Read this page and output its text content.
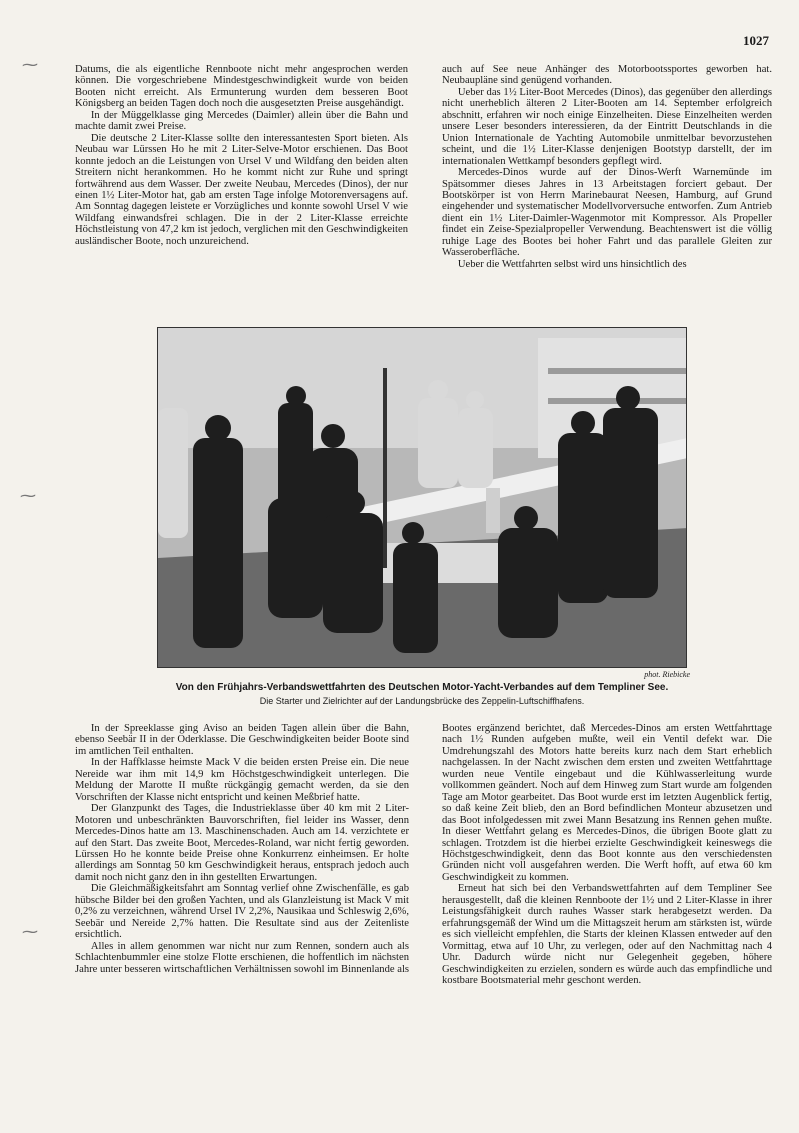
1027
⁓
⁓
⁓

Datums, die als eigentliche Rennboote nicht mehr angesprochen werden können. Die vorgeschriebene Mindestgeschwindigkeit wurde von beiden Booten nicht erreicht. Als Ermunterung wurden dem besseren Boot Königsberg an beiden Tagen doch noch die ausgesetzten Preise ausgehändigt.

In der Müggelklasse ging Mercedes (Daimler) allein über die Bahn und machte damit zwei Preise.

Die deutsche 2 Liter-Klasse sollte den interessantesten Sport bieten. Als Neubau war Lürssen Ho he mit 2 Liter-Selve-Motor erschienen. Das Boot konnte jedoch an die Leistungen von Ursel V und Wildfang den beiden alten Streitern nicht herankommen. Ho he kommt nicht zur Ruhe und springt fortwährend aus dem Wasser. Der zweite Neubau, Mercedes (Dinos), der nur einen 1½ Liter-Motor hat, gab am ersten Tage infolge Motorenversagens auf. Am Sonntag dagegen leistete er Vorzügliches und konnte sowohl Ursel V wie Wildfang einwandsfrei schlagen. Die in der 2 Liter-Klasse erreichte Höchstleistung von 47,2 km ist jedoch, verglichen mit den Geschwindigkeiten ausländischer Boote, noch unzureichend.

auch auf See neue Anhänger des Motorbootssportes geworben hat. Neubaupläne sind genügend vorhanden.

Ueber das 1½ Liter-Boot Mercedes (Dinos), das gegenüber den allerdings nicht unerheblich älteren 2 Liter-Booten am 14. September erfolgreich abschnitt, erfahren wir noch einige Einzelheiten. Diese Einzelheiten werden unsere Leser besonders interessieren, da der Eintritt Deutschlands in die Union Internationale de Yachting Automobile unmittelbar bevorzustehen scheint, und die 1½ Liter-Klasse denjenigen Bootstyp darstellt, der im internationalen Wettkampf besonders gepflegt wird.

Mercedes-Dinos wurde auf der Dinos-Werft Warnemünde im Spätsommer dieses Jahres in 13 Arbeitstagen forciert gebaut. Der Bootskörper ist von Herrn Marinebaurat Neesen, Hamburg, auf Grund eingehender und systematischer Modellvorversuche entworfen. Zum Antrieb dient ein 1½ Liter-Daimler-Wagenmotor mit Kompressor. Als Propeller findet ein Zeise-Spezialpropeller Verwendung. Beachtenswert ist die völlig ruhige Lage des Bootes bei hoher Fahrt und das parallele Gleiten zur Wasseroberfläche.

Ueber die Wettfahrten selbst wird uns hinsichtlich des

phot. Riebicke
Von den Frühjahrs-Verbandswettfahrten des Deutschen Motor-Yacht-Verbandes auf dem Templiner See.
Die Starter und Zielrichter auf der Landungsbrücke des Zeppelin-Luftschiffhafens.

In der Spreeklasse ging Aviso an beiden Tagen allein über die Bahn, ebenso Seebär II in der Oderklasse. Die Geschwindigkeiten beider Boote sind im amtlichen Teil enthalten.

In der Haffklasse heimste Mack V die beiden ersten Preise ein. Die neue Nereide war ihm mit 14,9 km Höchstgeschwindigkeit unterlegen. Die Meldung der Marotte II mußte rückgängig gemacht werden, da sie den Vorschriften der Klasse nicht entspricht und keinen Meßbrief hatte.

Der Glanzpunkt des Tages, die Industrieklasse über 40 km mit 2 Liter-Motoren und unbeschränkten Bauvorschriften, fiel leider ins Wasser, denn Mercedes-Dinos hatte am 13. Maschinenschaden. Auch am 14. verzichtete er auf den Start. Das zweite Boot, Mercedes-Roland, war nicht fertig geworden. Lürssen Ho he konnte beide Preise ohne Konkurrenz einheimsen. Er holte allerdings am Sonntag 50 km Geschwindigkeit heraus, entsprach jedoch auch damit noch nicht ganz den in ihn gestellten Erwartungen.

Die Gleichmäßigkeitsfahrt am Sonntag verlief ohne Zwischenfälle, es gab hübsche Bilder bei den großen Yachten, und als Glanzleistung ist Mack V mit 0,2% zu verzeichnen, während Ursel IV 2,2%, Nausikaa und Schleswig 2,6%, Seebär und Nereide 2,7% hatten. Die Resultate sind aus der Zeitenliste ersichtlich.

Alles in allem genommen war nicht nur zum Rennen, sondern auch als Schlachtenbummler eine stolze Flotte erschienen, die hoffentlich im nächsten Jahre unter besseren wirtschaftlichen Verhältnissen sowohl im Binnenlande als

Bootes ergänzend berichtet, daß Mercedes-Dinos am ersten Wettfahrttage nach 1½ Runden aufgeben mußte, weil ein Ventil defekt war. Die Umdrehungszahl des Motors hatte bereits kurz nach dem Start erheblich nachgelassen. In der Nacht zwischen dem ersten und zweiten Wettfahrttage wurden neue Ventile eingebaut und die Kühlwasserleitung wurde vollkommen geändert. Noch auf dem Hinweg zum Start wurde am folgenden Tage am Motor gearbeitet. Das Boot wurde erst im letzten Augenblick fertig, so daß keine Zeit blieb, den an Bord befindlichen Monteur abzusetzen und das Boot infolgedessen mit zwei Mann Besatzung ins Rennen gehen mußte. In dieser Wettfahrt gelang es Mercedes-Dinos, die übrigen Boote glatt zu schlagen. Trotzdem ist die hierbei erzielte Geschwindigkeit keineswegs die Höchstgeschwindigkeit, denn das Boot konnte aus den verschiedensten Gründen nicht voll ausgefahren werden. Die Werft hofft, auf etwa 60 km Geschwindigkeit zu kommen.

Erneut hat sich bei den Verbandswettfahrten auf dem Templiner See herausgestellt, daß die kleinen Rennboote der 1½ und 2 Liter-Klasse in ihrer Leistungsfähigkeit durch rauhes Wasser stark herabgesetzt werden. Da erfahrungsgemäß der Wind um die Mittagszeit herum am stärksten ist, würde es sich vielleicht empfehlen, die Starts der kleinen Klassen entweder auf den Vormittag, etwa auf 10 Uhr, zu verlegen, oder auf den Nachmittag nach 4 Uhr. Dadurch würde nicht nur Gelegenheit gegeben, höhere Geschwindigkeiten zu erzielen, sondern es würde auch das empfindliche und kostbare Bootsmaterial mehr geschont werden.
